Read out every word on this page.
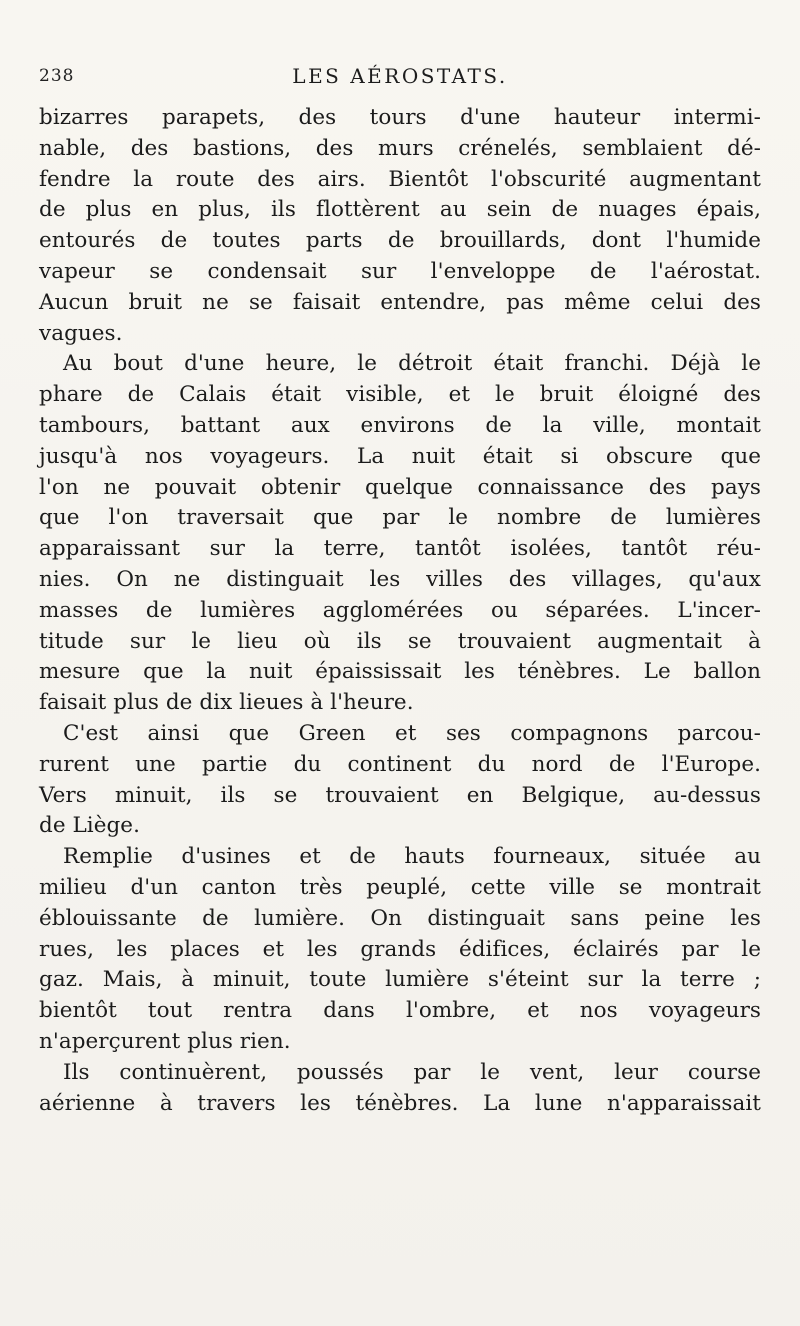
238	LES AÉROSTATS.
bizarres parapets, des tours d'une hauteur intermi-
nable, des bastions, des murs crénelés, semblaient dé-
fendre la route des airs. Bientôt l'obscurité augmentant
de plus en plus, ils flottèrent au sein de nuages épais,
entourés de toutes parts de brouillards, dont l'humide
vapeur se condensait sur l'enveloppe de l'aérostat.
Aucun bruit ne se faisait entendre, pas même celui des
vagues.
Au bout d'une heure, le détroit était franchi. Déjà le
phare de Calais était visible, et le bruit éloigné des
tambours, battant aux environs de la ville, montait
jusqu'à nos voyageurs. La nuit était si obscure que
l'on ne pouvait obtenir quelque connaissance des pays
que l'on traversait que par le nombre de lumières
apparaissant sur la terre, tantôt isolées, tantôt réu-
nies. On ne distinguait les villes des villages, qu'aux
masses de lumières agglomérées ou séparées. L'incer-
titude sur le lieu où ils se trouvaient augmentait à
mesure que la nuit épaississait les ténèbres. Le ballon
faisait plus de dix lieues à l'heure.
C'est ainsi que Green et ses compagnons parcou-
rurent une partie du continent du nord de l'Europe.
Vers minuit, ils se trouvaient en Belgique, au-dessus
de Liège.
Remplie d'usines et de hauts fourneaux, située au
milieu d'un canton très peuplé, cette ville se montrait
éblouissante de lumière. On distinguait sans peine les
rues, les places et les grands édifices, éclairés par le
gaz. Mais, à minuit, toute lumière s'éteint sur la terre ;
bientôt tout rentra dans l'ombre, et nos voyageurs
n'aperçurent plus rien.
Ils continuèrent, poussés par le vent, leur course
aérienne à travers les ténèbres. La lune n'apparaissait
